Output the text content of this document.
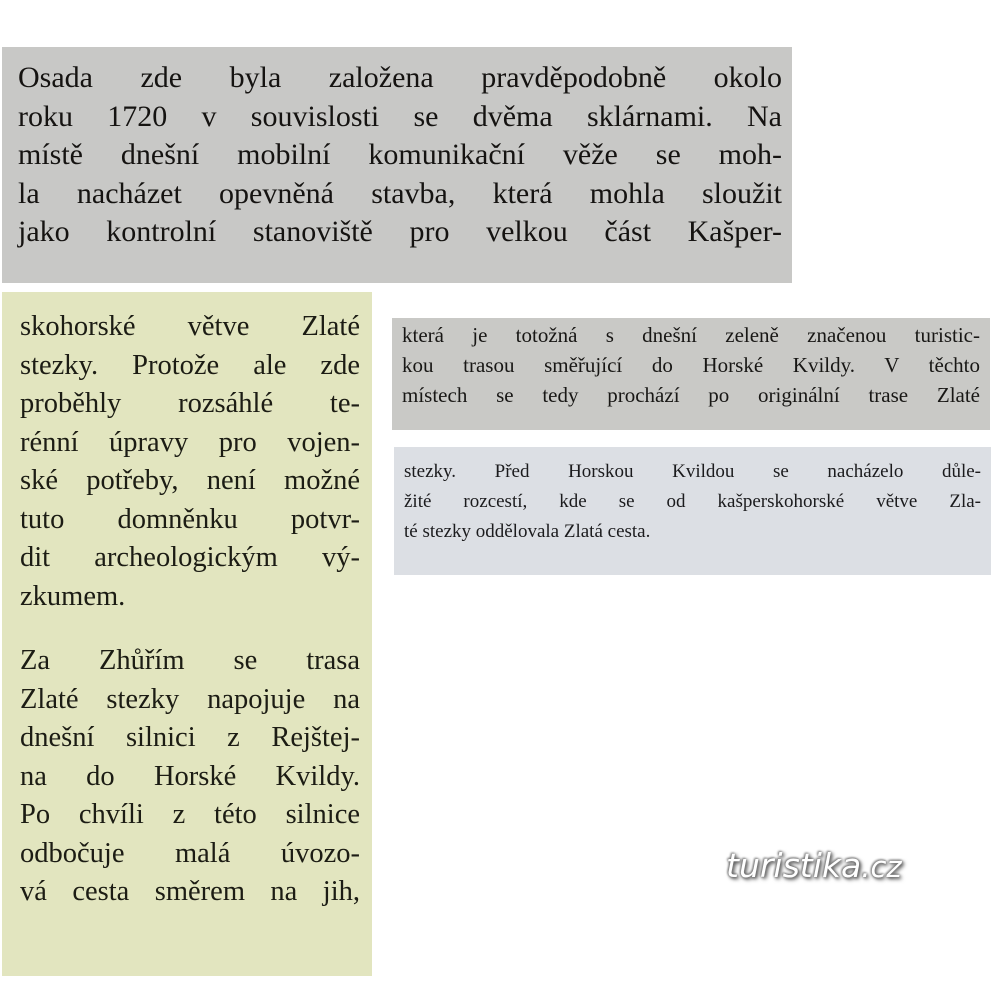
Osada zde byla založena pravděpodobně okolo
roku 1720 v souvislosti se dvěma sklárnami. Na
místě dnešní mobilní komunikační věže se moh-
la nacházet opevněná stavba, která mohla sloužit
jako kontrolní stanoviště pro velkou část Kašper-
skohorské větve Zlaté
stezky. Protože ale zde
proběhly rozsáhlé te-
rénní úpravy pro vojen-
ské potřeby, není možné
tuto domněnku potvr-
dit archeologickým vý-
zkumem.
Za Zhůřím se trasa
Zlaté stezky napojuje na
dnešní silnici z Rejštej-
na do Horské Kvildy.
Po chvíli z této silnice
odbočuje malá úvozo-
vá cesta směrem na jih,
která je totožná s dnešní zeleně značenou turistic-
kou trasou směřující do Horské Kvildy. V těchto
místech se tedy prochází po originální trase Zlaté
stezky. Před Horskou Kvildou se nacházelo důle-
žité rozcestí, kde se od kašperskohorské větve Zla-
té stezky oddělovala Zlatá cesta.
turistika.cz
